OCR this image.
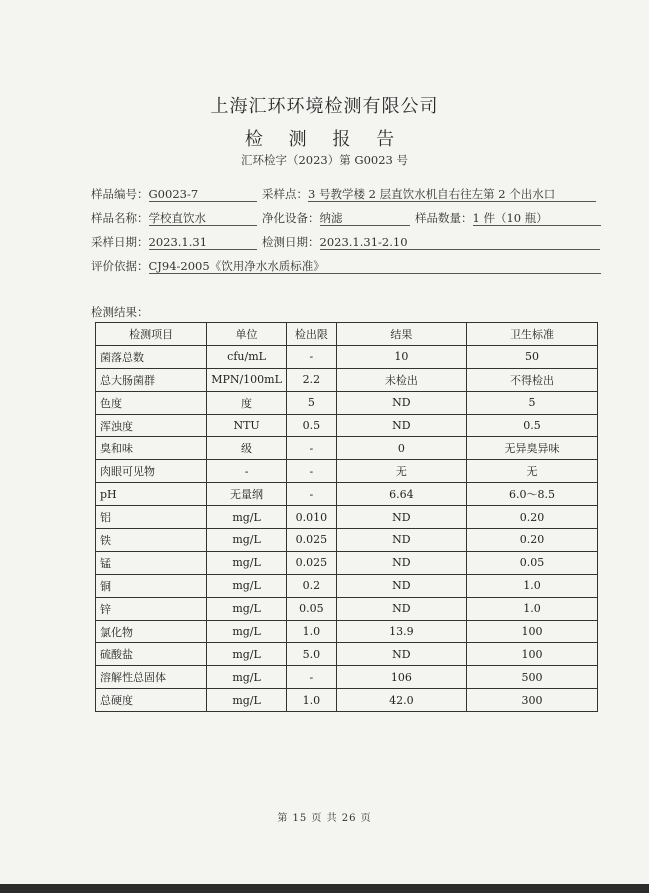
上海汇环环境检测有限公司
检 测 报 告
汇环检字（2023）第 G0023 号
样品编号：G0023-7	采样点：3 号教学楼 2 层直饮水机自右往左第 2 个出水口
样品名称：学校直饮水	净化设备：纳滤	样品数量：1 件（10 瓶）
采样日期：2023.1.31	检测日期：2023.1.31-2.10
评价依据：CJ94-2005《饮用净水水质标准》
检测结果：
检测项目	单位	检出限	结果	卫生标准
菌落总数	cfu/mL	-	10	50
总大肠菌群	MPN/100mL	2.2	未检出	不得检出
色度	度	5	ND	5
浑浊度	NTU	0.5	ND	0.5
臭和味	级	-	0	无异臭异味
肉眼可见物	-	-	无	无
pH	无量纲	-	6.64	6.0～8.5
铝	mg/L	0.010	ND	0.20
铁	mg/L	0.025	ND	0.20
锰	mg/L	0.025	ND	0.05
铜	mg/L	0.2	ND	1.0
锌	mg/L	0.05	ND	1.0
氯化物	mg/L	1.0	13.9	100
硫酸盐	mg/L	5.0	ND	100
溶解性总固体	mg/L	-	106	500
总硬度	mg/L	1.0	42.0	300
第 15 页 共 26 页
